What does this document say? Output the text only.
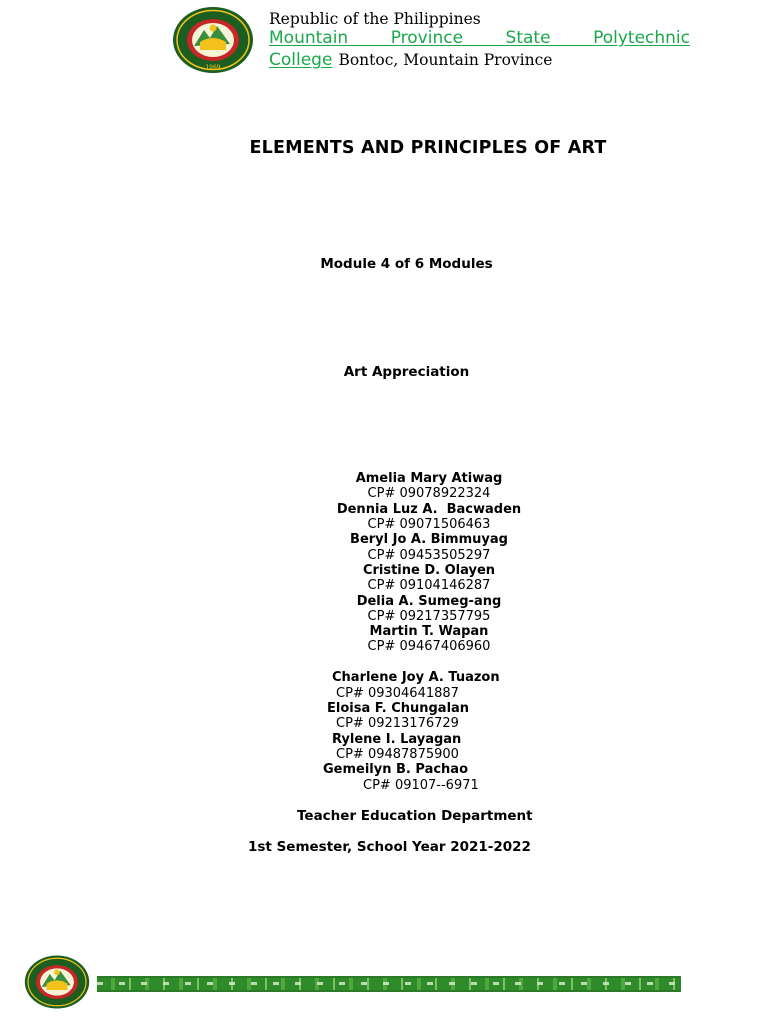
1969
Republic of the Philippines
Mountain Province State Polytechnic College Bontoc, Mountain Province
ELEMENTS AND PRINCIPLES OF ART
Module 4 of 6 Modules
Art Appreciation
Amelia Mary Atiwag
CP# 09078922324
Dennia Luz A.  Bacwaden
CP# 09071506463
Beryl Jo A. Bimmuyag
CP# 09453505297
Cristine D. Olayen
CP# 09104146287
Delia A. Sumeg-ang
CP# 09217357795
Martin T. Wapan
CP# 09467406960
Charlene Joy A. Tuazon
CP# 09304641887
Eloisa F. Chungalan
CP# 09213176729
Rylene I. Layagan
CP# 09487875900
Gemeilyn B. Pachao
CP# 09107--6971
Teacher Education Department
1st Semester, School Year 2021-2022
